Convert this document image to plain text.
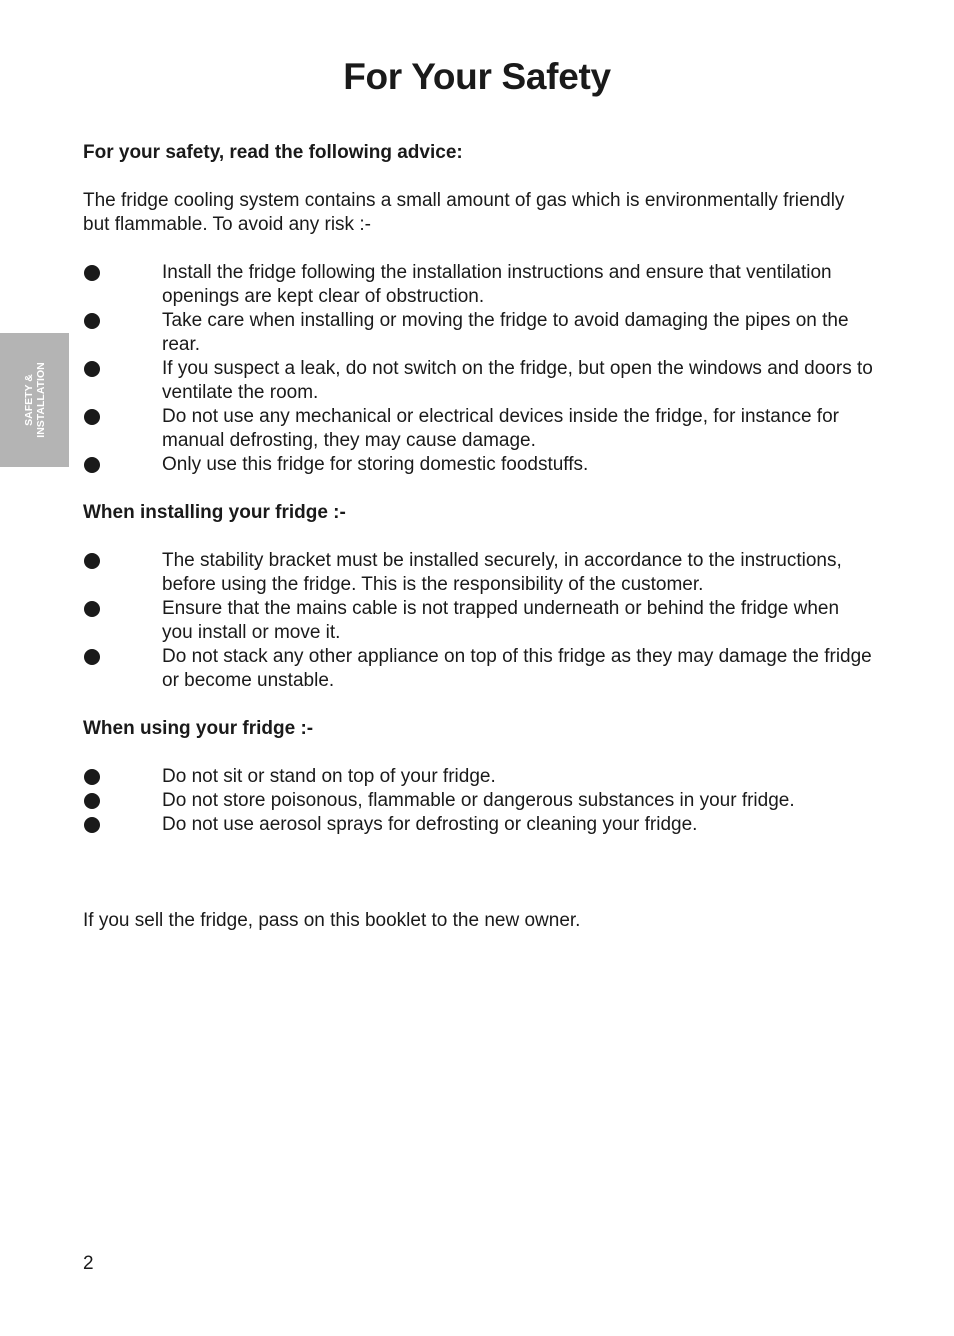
For Your Safety
SAFETY &
INSTALLATION

For your safety, read the following advice:

The fridge cooling system contains a small amount of gas which is environmentally friendly but flammable. To avoid any risk :-

Install the fridge following the installation instructions and ensure that ventilation openings are kept clear of obstruction.
Take care when installing or moving the fridge to avoid damaging the pipes on the rear.
If you suspect a leak, do not switch on the fridge, but open the windows and doors to ventilate the room.
Do not use any mechanical or electrical devices inside the fridge, for instance for manual defrosting, they may cause damage.
Only use this fridge for storing domestic foodstuffs.

When installing your fridge :-

The stability bracket must be installed securely, in accordance to the instructions, before using the fridge. This is the responsibility of the customer.
Ensure that the mains cable is not trapped underneath or behind the fridge when you install or move it.
Do not stack any other appliance on top of this fridge as they may damage the fridge or become unstable.

When using your fridge :-

Do not sit or stand on top of your fridge.
Do not store poisonous, flammable or dangerous substances in your fridge.
Do not use aerosol sprays for defrosting or cleaning your fridge.

If you sell the fridge, pass on this booklet to the new owner.

2
